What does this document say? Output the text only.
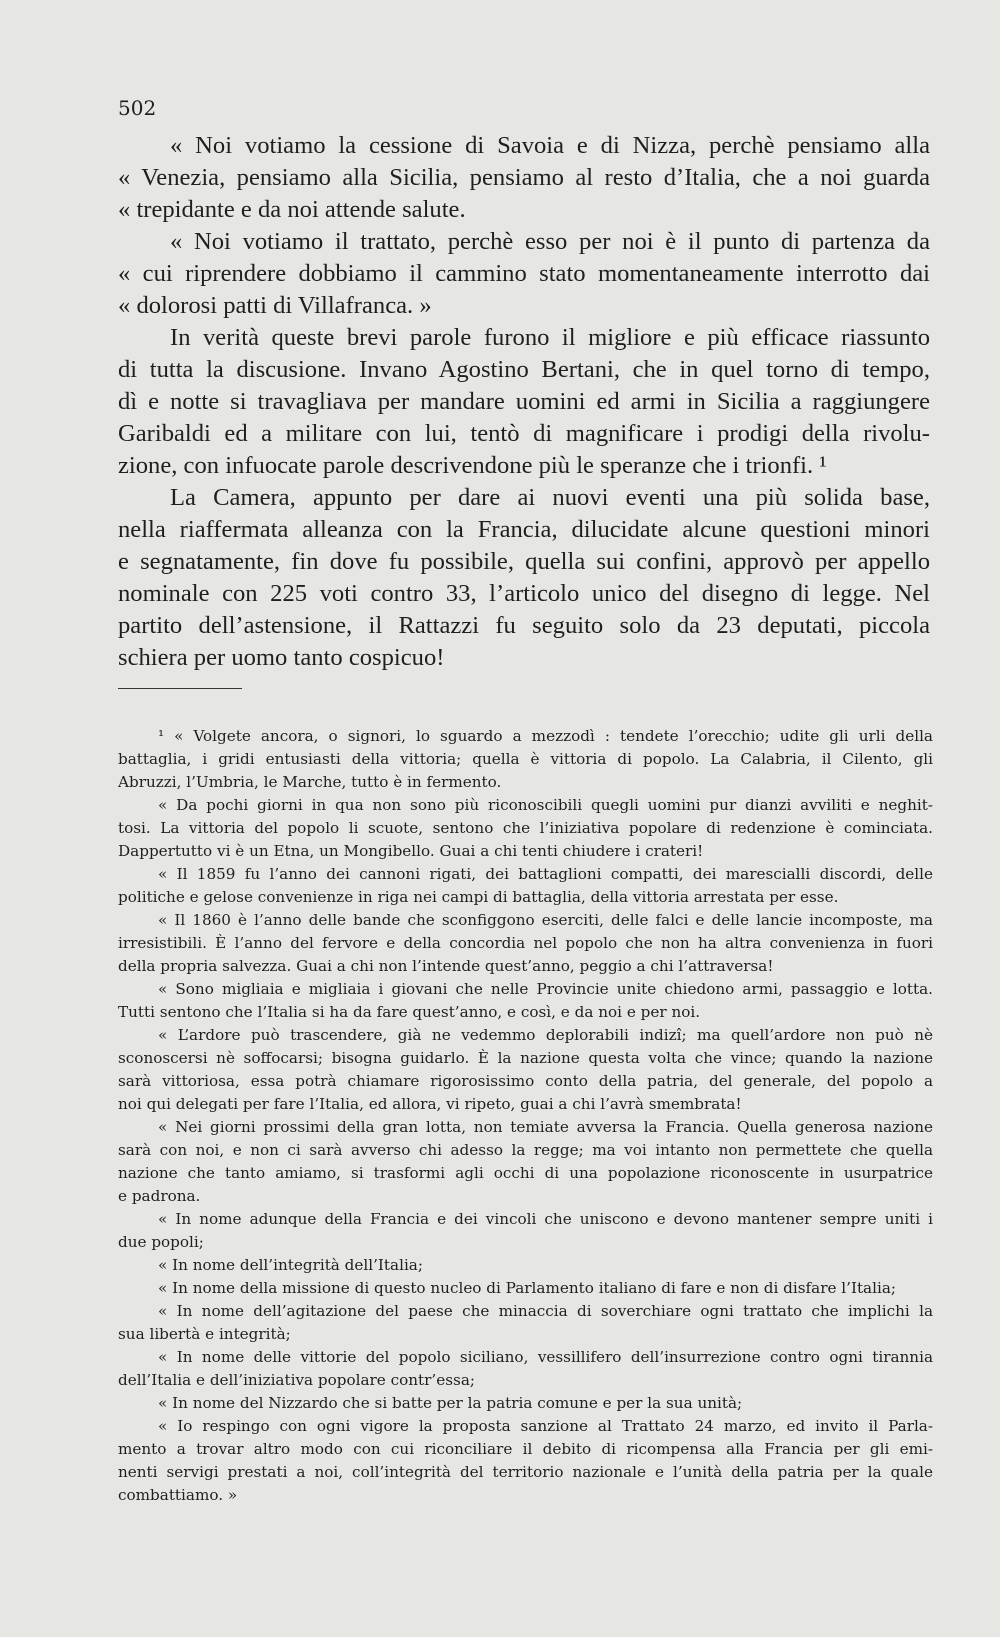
502
« Noi votiamo la cessione di Savoia e di Nizza, perchè pensiamo alla
« Venezia, pensiamo alla Sicilia, pensiamo al resto d’Italia, che a noi guarda
« trepidante e da noi attende salute.
« Noi votiamo il trattato, perchè esso per noi è il punto di partenza da
« cui riprendere dobbiamo il cammino stato momentaneamente interrotto dai
« dolorosi patti di Villafranca. »
In verità queste brevi parole furono il migliore e più efficace riassunto
di tutta la discusione. Invano Agostino Bertani, che in quel torno di tempo,
dì e notte si travagliava per mandare uomini ed armi in Sicilia a raggiungere
Garibaldi ed a militare con lui, tentò di magnificare i prodigi della rivolu-
zione, con infuocate parole descrivendone più le speranze che i trionfi. ¹
La Camera, appunto per dare ai nuovi eventi una più solida base,
nella riaffermata alleanza con la Francia, dilucidate alcune questioni minori
e segnatamente, fin dove fu possibile, quella sui confini, approvò per appello
nominale con 225 voti contro 33, l’articolo unico del disegno di legge. Nel
partito dell’astensione, il Rattazzi fu seguito solo da 23 deputati, piccola
schiera per uomo tanto cospicuo!
¹ « Volgete ancora, o signori, lo sguardo a mezzodì : tendete l’orecchio; udite gli urli della
battaglia, i gridi entusiasti della vittoria; quella è vittoria di popolo. La Calabria, il Cilento, gli
Abruzzi, l’Umbria, le Marche, tutto è in fermento.
« Da pochi giorni in qua non sono più riconoscibili quegli uomini pur dianzi avviliti e neghit-
tosi. La vittoria del popolo li scuote, sentono che l’iniziativa popolare di redenzione è cominciata.
Dappertutto vi è un Etna, un Mongibello. Guai a chi tenti chiudere i crateri!
« Il 1859 fu l’anno dei cannoni rigati, dei battaglioni compatti, dei marescialli discordi, delle
politiche e gelose convenienze in riga nei campi di battaglia, della vittoria arrestata per esse.
« Il 1860 è l’anno delle bande che sconfiggono eserciti, delle falci e delle lancie incomposte, ma
irresistibili. È l’anno del fervore e della concordia nel popolo che non ha altra convenienza in fuori
della propria salvezza. Guai a chi non l’intende quest’anno, peggio a chi l’attraversa!
« Sono migliaia e migliaia i giovani che nelle Provincie unite chiedono armi, passaggio e lotta.
Tutti sentono che l’Italia si ha da fare quest’anno, e così, e da noi e per noi.
« L’ardore può trascendere, già ne vedemmo deplorabili indizî; ma quell’ardore non può nè
sconoscersi nè soffocarsi; bisogna guidarlo. È la nazione questa volta che vince; quando la nazione
sarà vittoriosa, essa potrà chiamare rigorosissimo conto della patria, del generale, del popolo a
noi qui delegati per fare l’Italia, ed allora, vi ripeto, guai a chi l’avrà smembrata!
« Nei giorni prossimi della gran lotta, non temiate avversa la Francia. Quella generosa nazione
sarà con noi, e non ci sarà avverso chi adesso la regge; ma voi intanto non permettete che quella
nazione che tanto amiamo, si trasformi agli occhi di una popolazione riconoscente in usurpatrice
e padrona.
« In nome adunque della Francia e dei vincoli che uniscono e devono mantener sempre uniti i
due popoli;
« In nome dell’integrità dell’Italia;
« In nome della missione di questo nucleo di Parlamento italiano di fare e non di disfare l’Italia;
« In nome dell’agitazione del paese che minaccia di soverchiare ogni trattato che implichi la
sua libertà e integrità;
« In nome delle vittorie del popolo siciliano, vessillifero dell’insurrezione contro ogni tirannia
dell’Italia e dell’iniziativa popolare contr’essa;
« In nome del Nizzardo che si batte per la patria comune e per la sua unità;
« Io respingo con ogni vigore la proposta sanzione al Trattato 24 marzo, ed invito il Parla-
mento a trovar altro modo con cui riconciliare il debito di ricompensa alla Francia per gli emi-
nenti servigi prestati a noi, coll’integrità del territorio nazionale e l’unità della patria per la quale
combattiamo. »
